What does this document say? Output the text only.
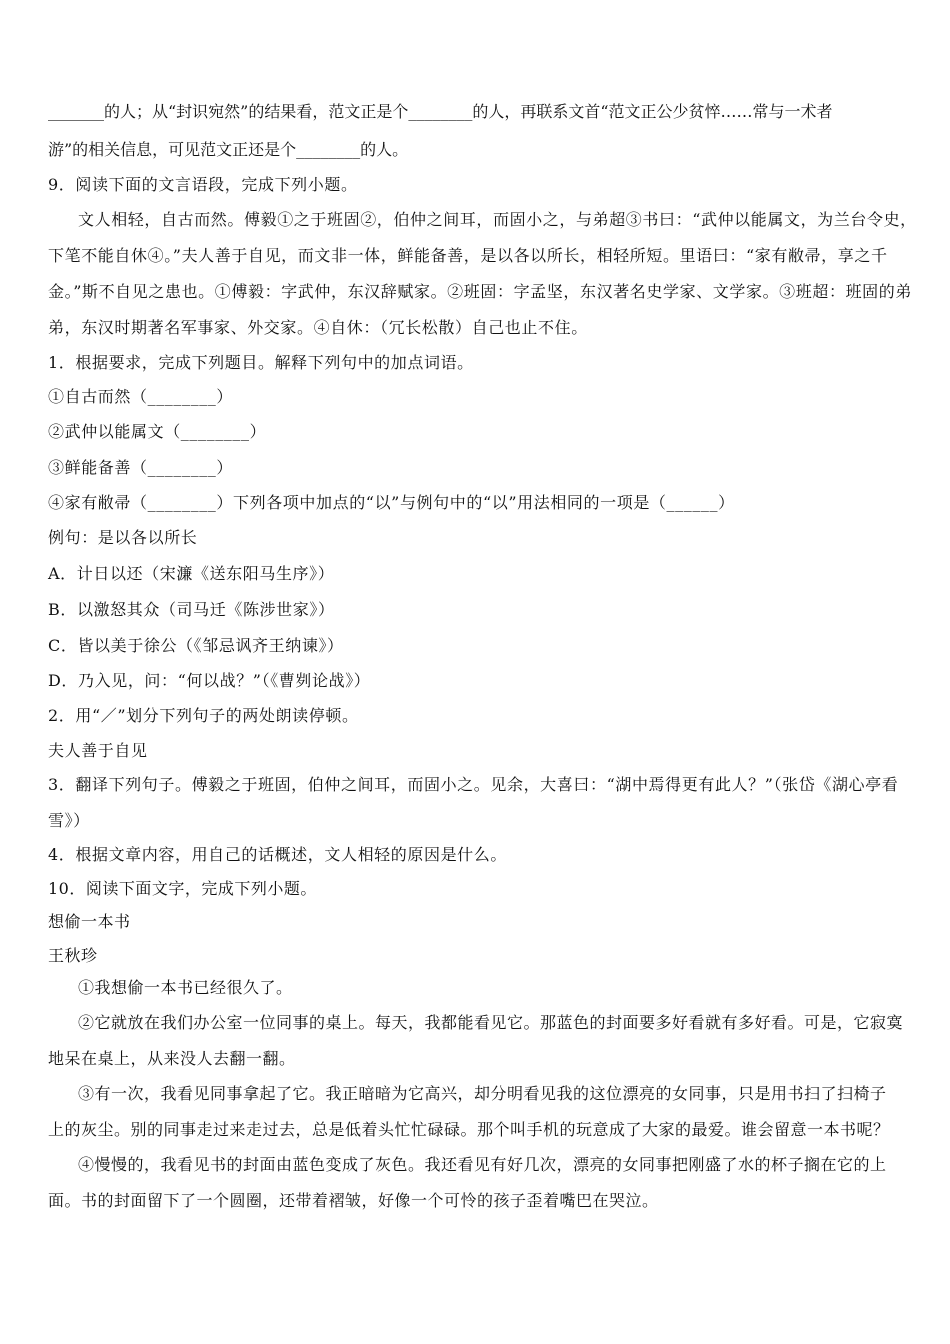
_______的人；从“封识宛然”的结果看，范文正是个________的人，再联系文首“范文正公少贫悴……常与一术者
游”的相关信息，可见范文正还是个________的人。
9．阅读下面的文言语段，完成下列小题。
文人相轻，自古而然。傅毅①之于班固②，伯仲之间耳，而固小之，与弟超③书曰：“武仲以能属文，为兰台令史，
下笔不能自休④。”夫人善于自见，而文非一体，鲜能备善，是以各以所长，相轻所短。里语曰：“家有敝帚，享之千
金。”斯不自见之患也。①傅毅：字武仲，东汉辞赋家。②班固：字孟坚，东汉著名史学家、文学家。③班超：班固的弟
弟，东汉时期著名军事家、外交家。④自休：（冗长松散）自己也止不住。
1．根据要求，完成下列题目。解释下列句中的加点词语。
①自古而然（________）
②武仲以能属文（________）
③鲜能备善（________）
④家有敝帚（________）下列各项中加点的“以”与例句中的“以”用法相同的一项是（______）
例句：是以各以所长
A．计日以还（宋濂《送东阳马生序》）
B．以激怒其众（司马迁《陈涉世家》）
C．皆以美于徐公（《邹忌讽齐王纳谏》）
D．乃入见，问：“何以战？”（《曹刿论战》）
2．用“／”划分下列句子的两处朗读停顿。
夫人善于自见
3．翻译下列句子。傅毅之于班固，伯仲之间耳，而固小之。见余，大喜曰：“湖中焉得更有此人？”（张岱《湖心亭看
雪》）
4．根据文章内容，用自己的话概述，文人相轻的原因是什么。
10．阅读下面文字，完成下列小题。
想偷一本书
王秋珍
①我想偷一本书已经很久了。
②它就放在我们办公室一位同事的桌上。每天，我都能看见它。那蓝色的封面要多好看就有多好看。可是，它寂寞
地呆在桌上，从来没人去翻一翻。
③有一次，我看见同事拿起了它。我正暗暗为它高兴，却分明看见我的这位漂亮的女同事，只是用书扫了扫椅子
上的灰尘。别的同事走过来走过去，总是低着头忙忙碌碌。那个叫手机的玩意成了大家的最爱。谁会留意一本书呢？
④慢慢的，我看见书的封面由蓝色变成了灰色。我还看见有好几次，漂亮的女同事把刚盛了水的杯子搁在它的上
面。书的封面留下了一个圆圈，还带着褶皱，好像一个可怜的孩子歪着嘴巴在哭泣。
